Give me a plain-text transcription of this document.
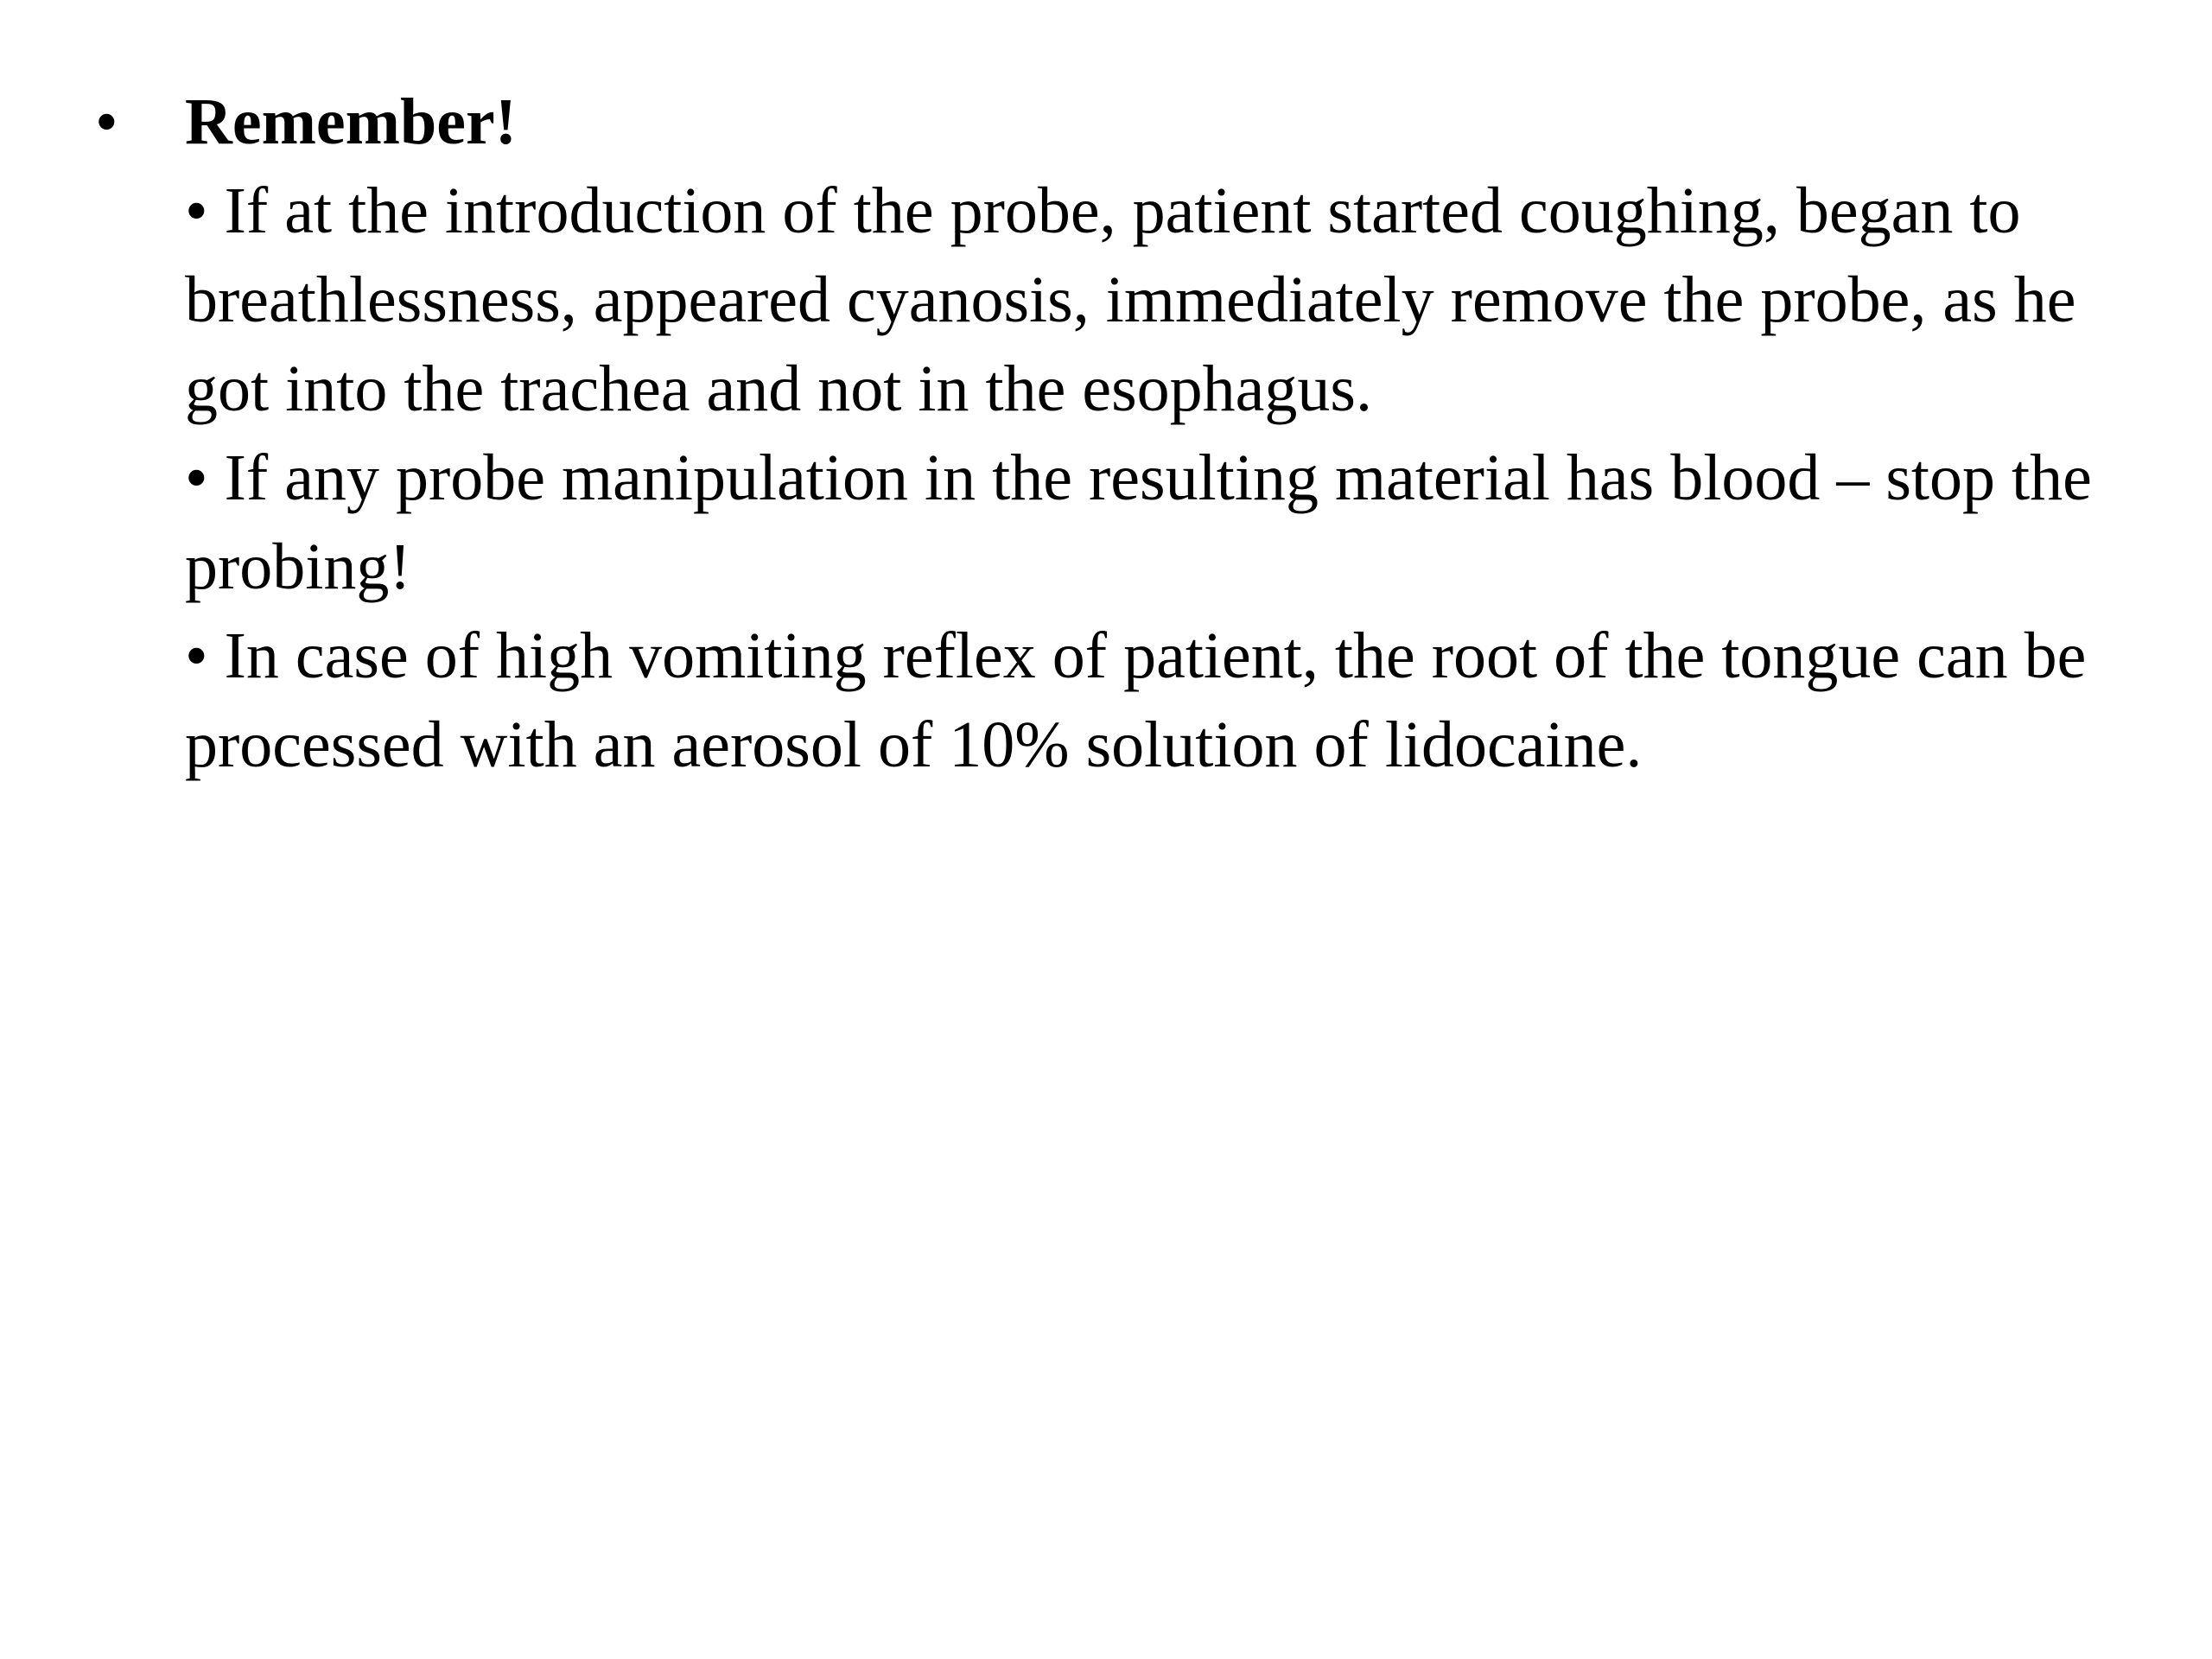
• Remember!
• If at the introduction of the probe, patient started coughing, began to breathlessness, appeared cyanosis, immediately remove the probe, as he got into the trachea and not in the esophagus.
• If any probe manipulation in the resulting material has blood – stop the probing!
• In case of high vomiting reflex of patient, the root of the tongue can be processed with an aerosol of 10% solution of lidocaine.
